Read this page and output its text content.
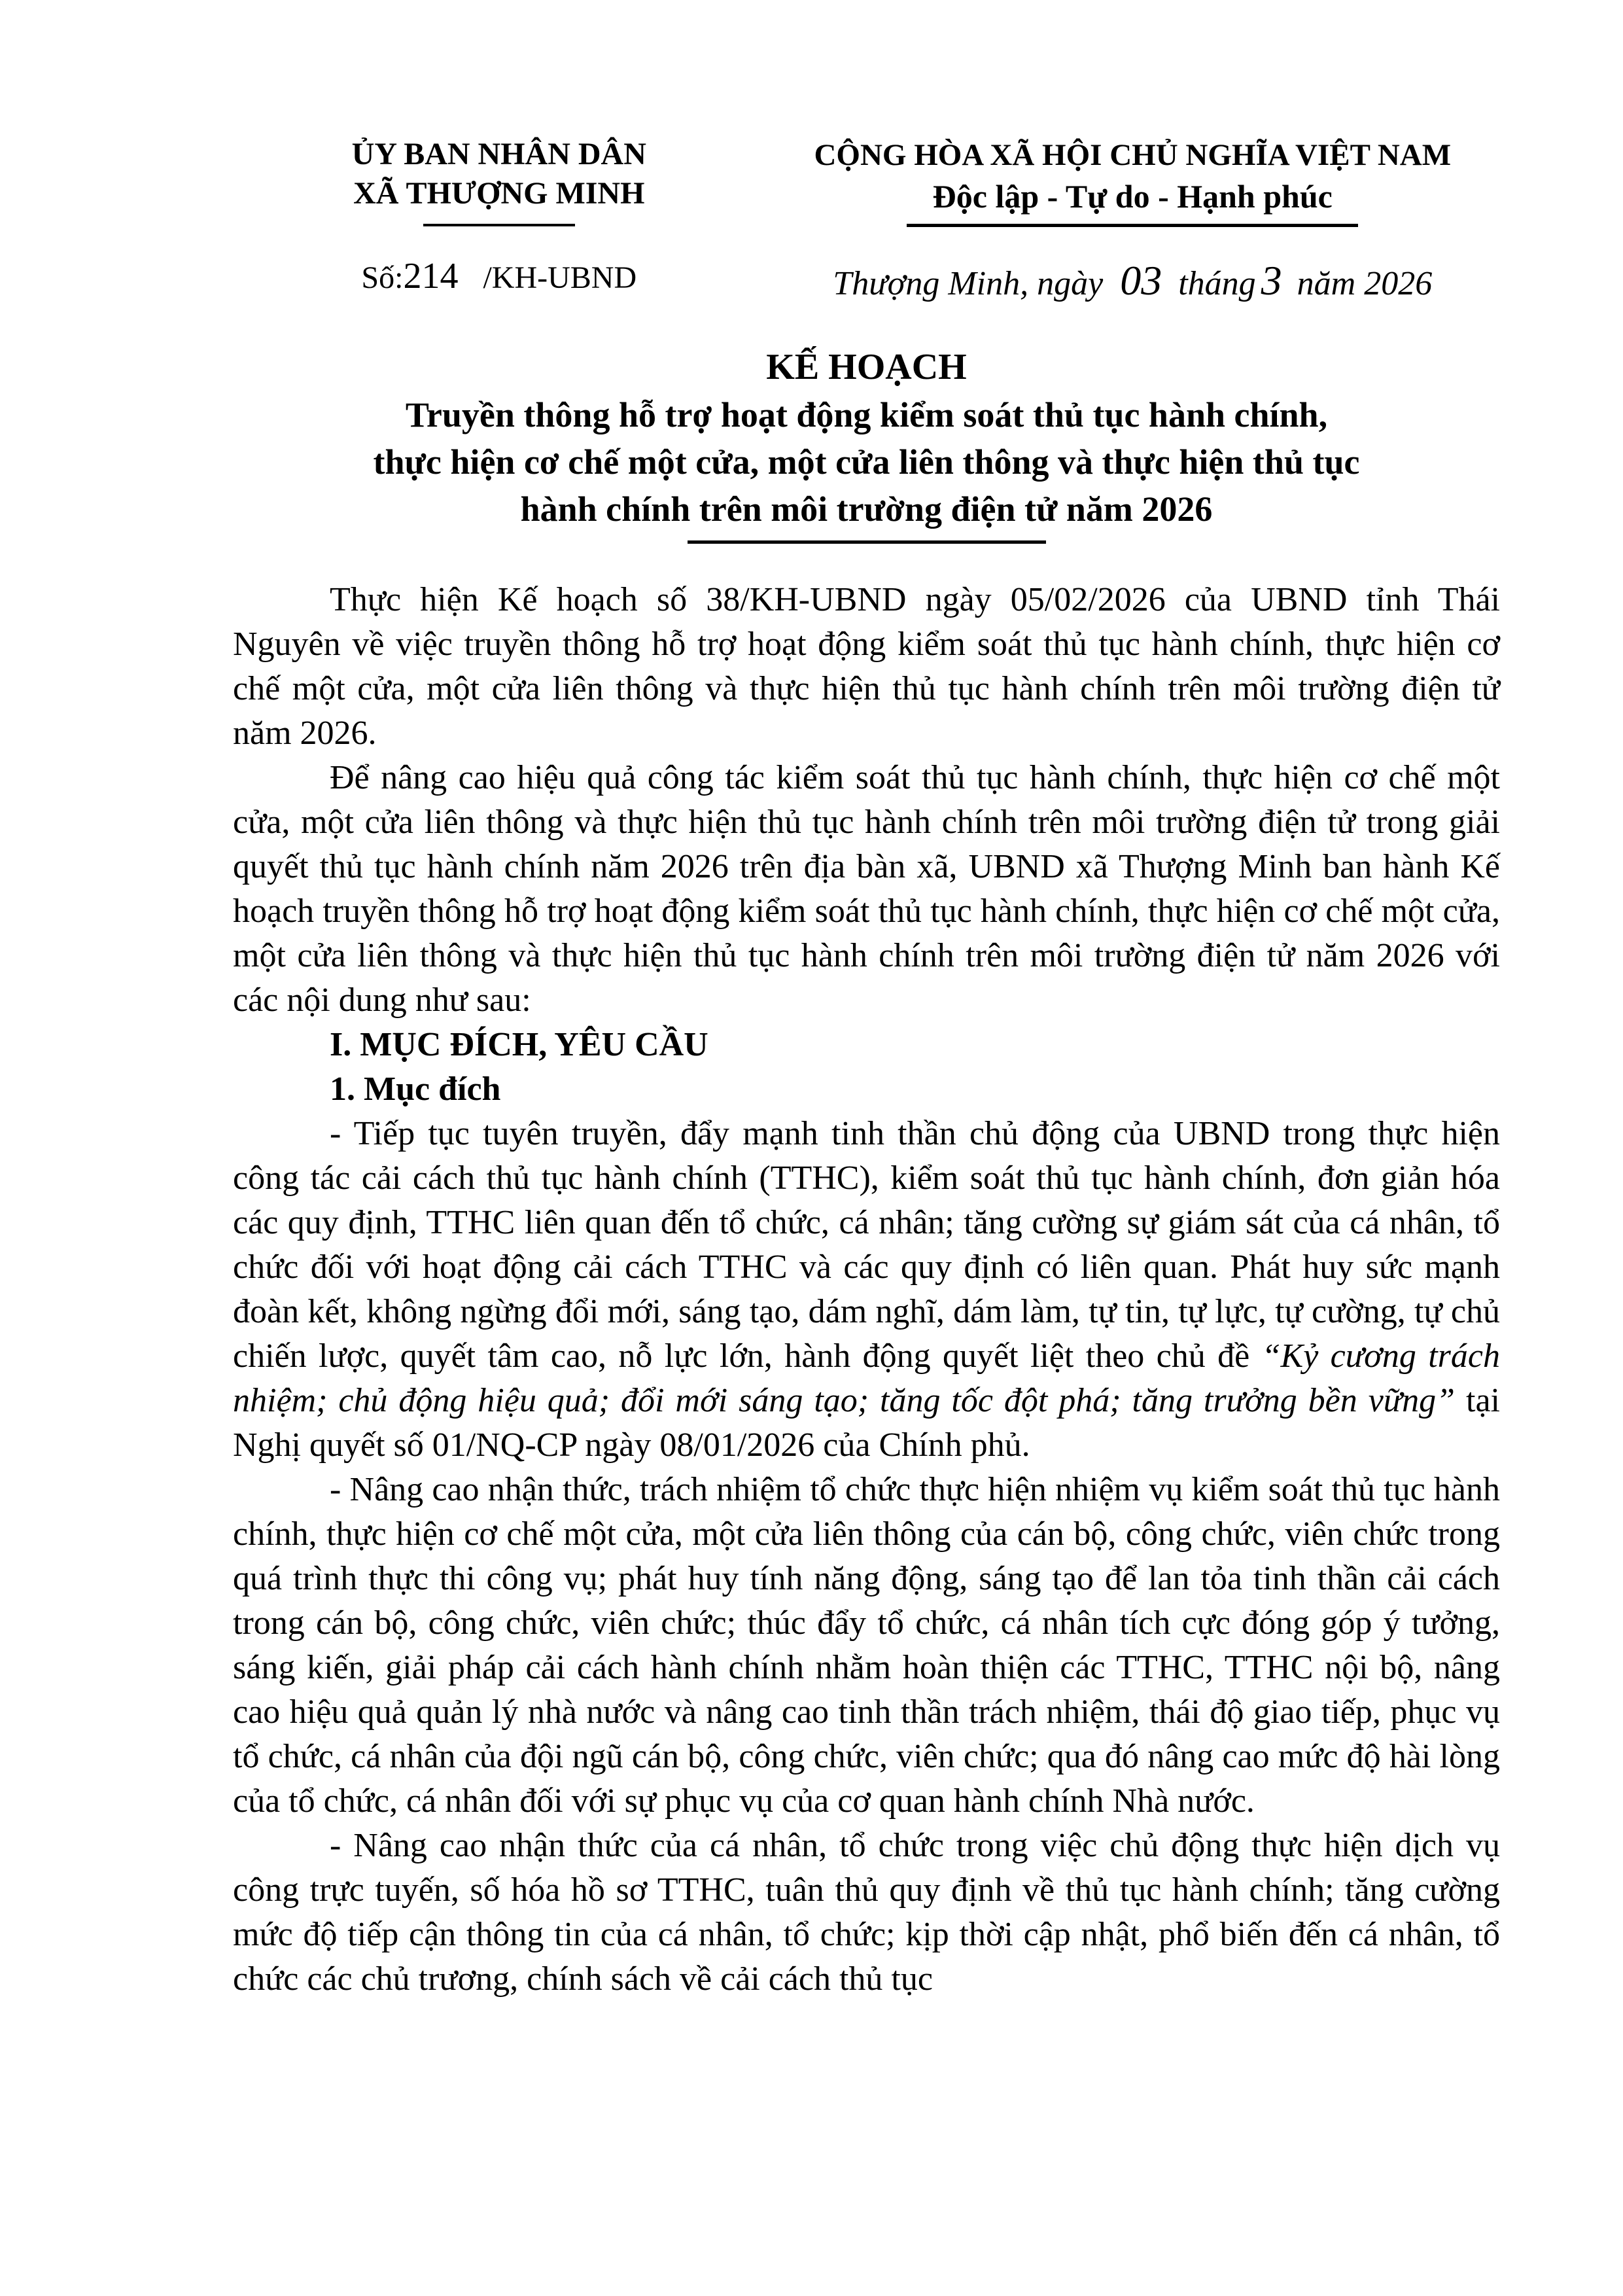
ỦY BAN NHÂN DÂN
XÃ THƯỢNG MINH
Số:214 /KH-UBND
CỘNG HÒA XÃ HỘI CHỦ NGHĨA VIỆT NAM
Độc lập - Tự do - Hạnh phúc
Thượng Minh, ngày 03 tháng 3 năm 2026
KẾ HOẠCH
Truyền thông hỗ trợ hoạt động kiểm soát thủ tục hành chính,
thực hiện cơ chế một cửa, một cửa liên thông và thực hiện thủ tục
hành chính trên môi trường điện tử năm 2026

Thực hiện Kế hoạch số 38/KH-UBND ngày 05/02/2026 của UBND tỉnh Thái Nguyên về việc truyền thông hỗ trợ hoạt động kiểm soát thủ tục hành chính, thực hiện cơ chế một cửa, một cửa liên thông và thực hiện thủ tục hành chính trên môi trường điện tử năm 2026.

Để nâng cao hiệu quả công tác kiểm soát thủ tục hành chính, thực hiện cơ chế một cửa, một cửa liên thông và thực hiện thủ tục hành chính trên môi trường điện tử trong giải quyết thủ tục hành chính năm 2026 trên địa bàn xã, UBND xã Thượng Minh ban hành Kế hoạch truyền thông hỗ trợ hoạt động kiểm soát thủ tục hành chính, thực hiện cơ chế một cửa, một cửa liên thông và thực hiện thủ tục hành chính trên môi trường điện tử năm 2026 với các nội dung như sau:

I. MỤC ĐÍCH, YÊU CẦU

1. Mục đích

- Tiếp tục tuyên truyền, đẩy mạnh tinh thần chủ động của UBND trong thực hiện công tác cải cách thủ tục hành chính (TTHC), kiểm soát thủ tục hành chính, đơn giản hóa các quy định, TTHC liên quan đến tổ chức, cá nhân; tăng cường sự giám sát của cá nhân, tổ chức đối với hoạt động cải cách TTHC và các quy định có liên quan. Phát huy sức mạnh đoàn kết, không ngừng đổi mới, sáng tạo, dám nghĩ, dám làm, tự tin, tự lực, tự cường, tự chủ chiến lược, quyết tâm cao, nỗ lực lớn, hành động quyết liệt theo chủ đề “Kỷ cương trách nhiệm; chủ động hiệu quả; đổi mới sáng tạo; tăng tốc đột phá; tăng trưởng bền vững” tại Nghị quyết số 01/NQ-CP ngày 08/01/2026 của Chính phủ.

- Nâng cao nhận thức, trách nhiệm tổ chức thực hiện nhiệm vụ kiểm soát thủ tục hành chính, thực hiện cơ chế một cửa, một cửa liên thông của cán bộ, công chức, viên chức trong quá trình thực thi công vụ; phát huy tính năng động, sáng tạo để lan tỏa tinh thần cải cách trong cán bộ, công chức, viên chức; thúc đẩy tổ chức, cá nhân tích cực đóng góp ý tưởng, sáng kiến, giải pháp cải cách hành chính nhằm hoàn thiện các TTHC, TTHC nội bộ, nâng cao hiệu quả quản lý nhà nước và nâng cao tinh thần trách nhiệm, thái độ giao tiếp, phục vụ tổ chức, cá nhân của đội ngũ cán bộ, công chức, viên chức; qua đó nâng cao mức độ hài lòng của tổ chức, cá nhân đối với sự phục vụ của cơ quan hành chính Nhà nước.

- Nâng cao nhận thức của cá nhân, tổ chức trong việc chủ động thực hiện dịch vụ công trực tuyến, số hóa hồ sơ TTHC, tuân thủ quy định về thủ tục hành chính; tăng cường mức độ tiếp cận thông tin của cá nhân, tổ chức; kịp thời cập nhật, phổ biến đến cá nhân, tổ chức các chủ trương, chính sách về cải cách thủ tục
